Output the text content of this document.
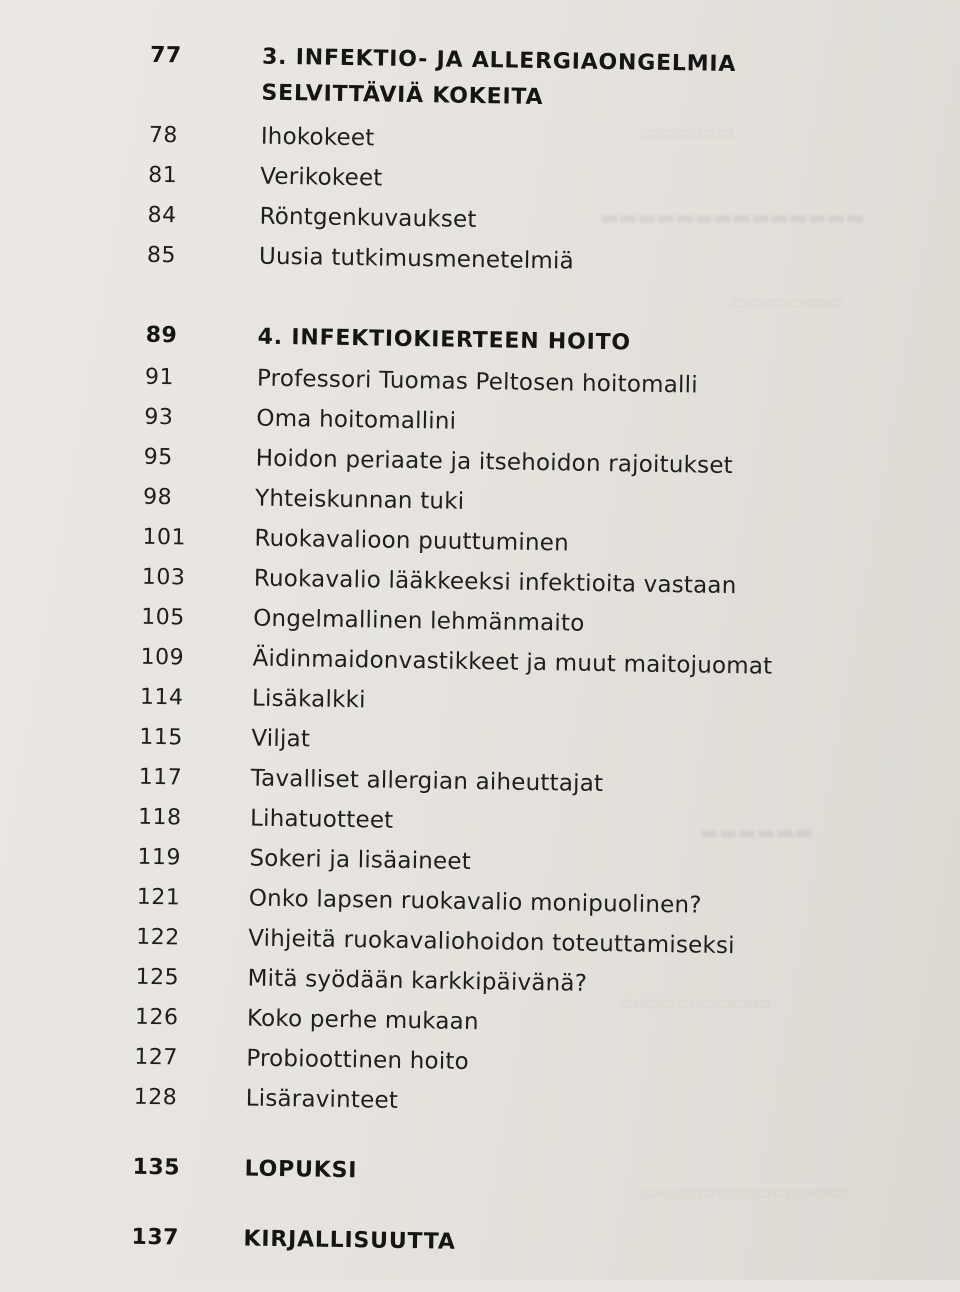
▭▭▭▭▭
▬▬▬▬▬▬▬▬▬▬▬▬▬▬
▭▭▭▭▭▭
▬▬▬▬▬▬
▭▭▭▭▭▭▭▭
▭▭▭▭▭▭▭▭▭▭▭
77	3. INFEKTIO- JA ALLERGIAONGELMIA
SELVITTÄVIÄ KOKEITA
78	Ihokokeet
81	Verikokeet
84	Röntgenkuvaukset
85	Uusia tutkimusmenetelmiä
89	4. INFEKTIOKIERTEEN HOITO
91	Professori Tuomas Peltosen hoitomalli
93	Oma hoitomallini
95	Hoidon periaate ja itsehoidon rajoitukset
98	Yhteiskunnan tuki
101	Ruokavalioon puuttuminen
103	Ruokavalio lääkkeeksi infektioita vastaan
105	Ongelmallinen lehmänmaito
109	Äidinmaidonvastikkeet ja muut maitojuomat
114	Lisäkalkki
115	Viljat
117	Tavalliset allergian aiheuttajat
118	Lihatuotteet
119	Sokeri ja lisäaineet
121	Onko lapsen ruokavalio monipuolinen?
122	Vihjeitä ruokavaliohoidon toteuttamiseksi
125	Mitä syödään karkkipäivänä?
126	Koko perhe mukaan
127	Probioottinen hoito
128	Lisäravinteet
135	LOPUKSI
137	KIRJALLISUUTTA
